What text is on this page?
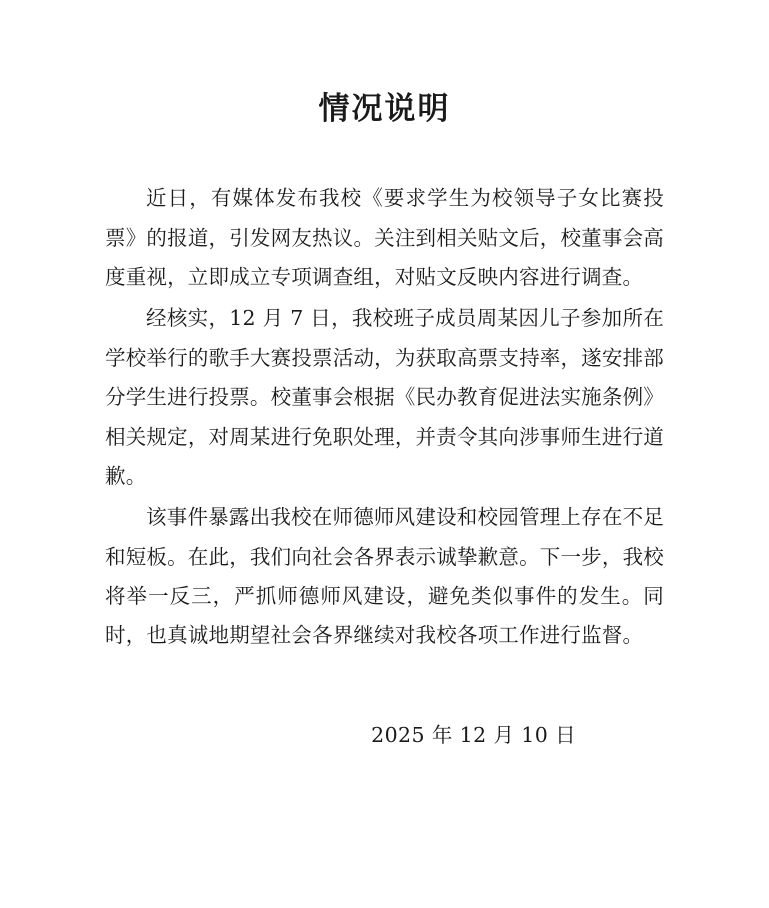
情况说明

近日，有媒体发布我校《要求学生为校领导子女比赛投票》的报道，引发网友热议。关注到相关贴文后，校董事会高度重视，立即成立专项调查组，对贴文反映内容进行调查。

经核实，12 月 7 日，我校班子成员周某因儿子参加所在学校举行的歌手大赛投票活动，为获取高票支持率，遂安排部分学生进行投票。校董事会根据《民办教育促进法实施条例》相关规定，对周某进行免职处理，并责令其向涉事师生进行道歉。

该事件暴露出我校在师德师风建设和校园管理上存在不足和短板。在此，我们向社会各界表示诚挚歉意。下一步，我校将举一反三，严抓师德师风建设，避免类似事件的发生。同时，也真诚地期望社会各界继续对我校各项工作进行监督。

2025 年 12 月 10 日
